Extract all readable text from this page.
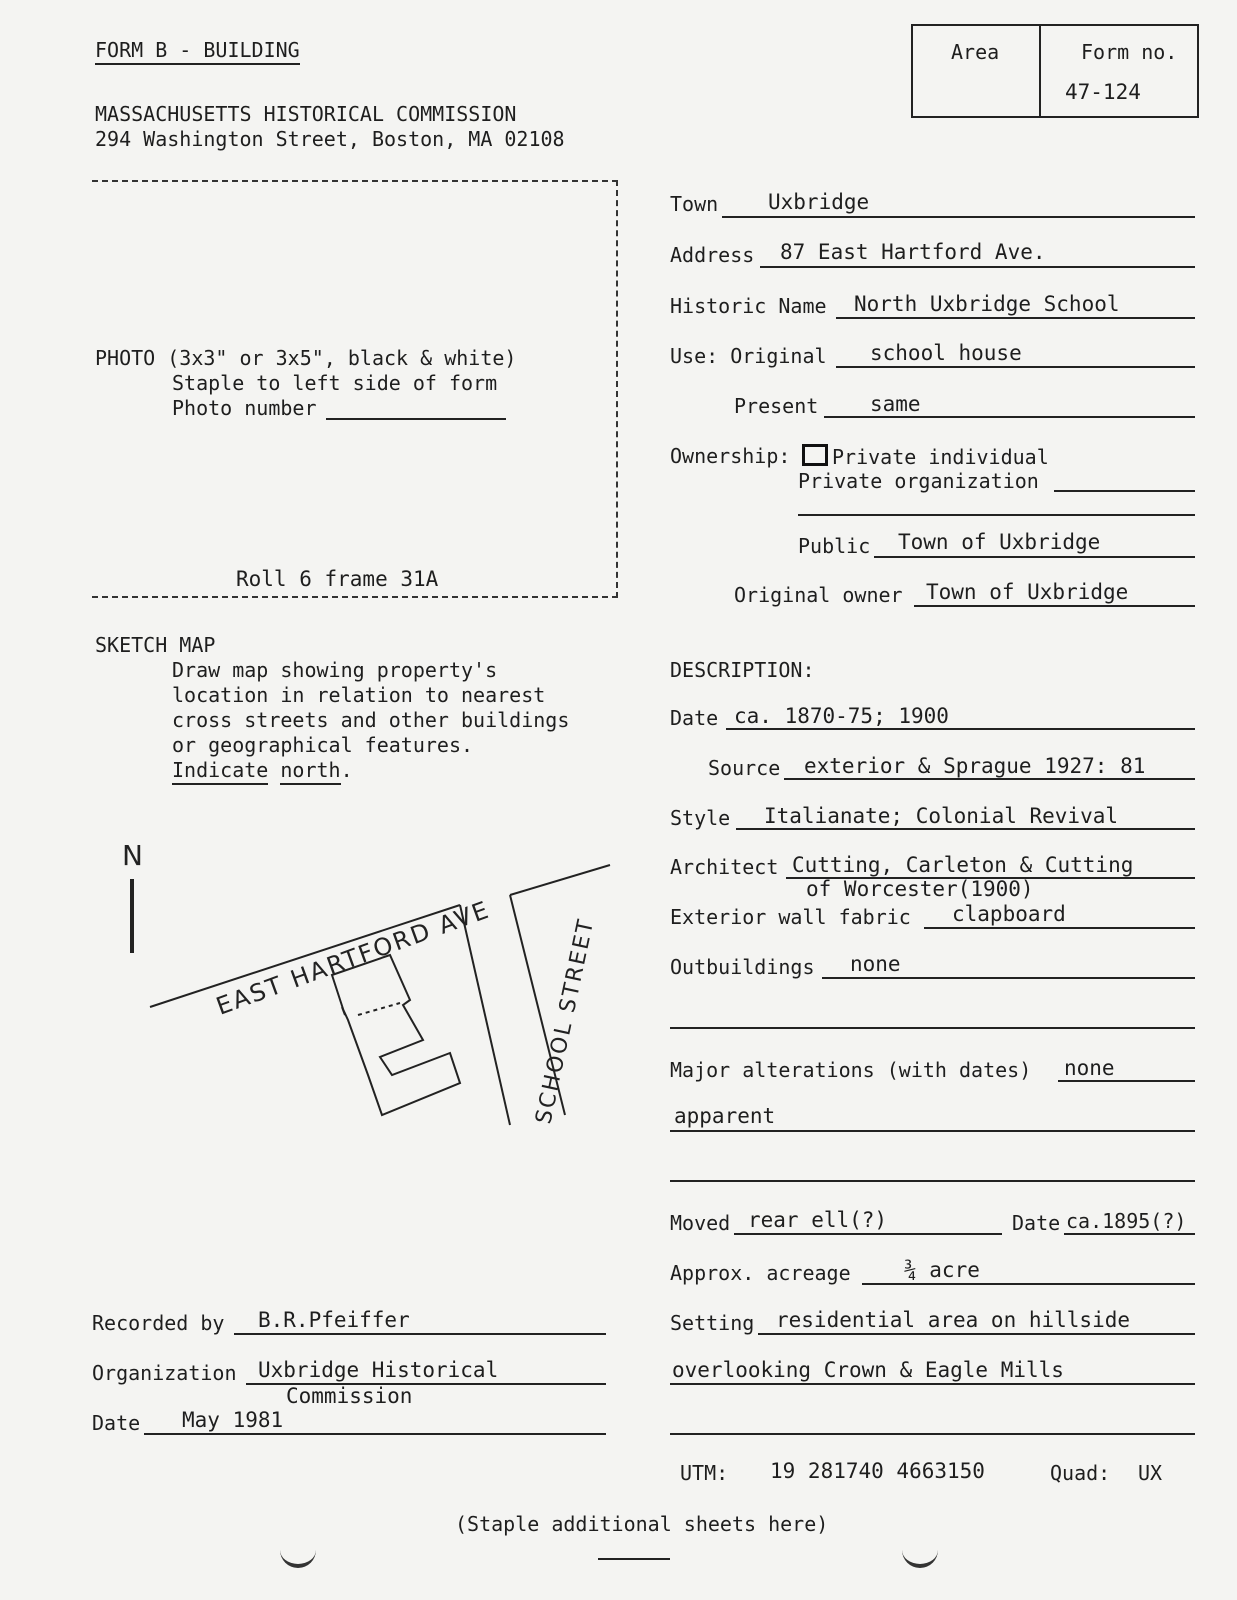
FORM B - BUILDING
MASSACHUSETTS HISTORICAL COMMISSION
294 Washington Street, Boston, MA 02108
Area	Form no.
47-124
PHOTO (3x3" or 3x5", black & white)
Staple to left side of form
Photo number
Roll 6 frame 31A
SKETCH MAP
Draw map showing property's
location in relation to nearest
cross streets and other buildings
or geographical features.
Indicate north.
N
EAST HARTFORD AVE SCHOOL STREET
Town Uxbridge
Address 87 East Hartford Ave.
Historic Name North Uxbridge School
Use: Original school house
Present same
Ownership:	Private individual
Private organization
Public Town of Uxbridge
Original owner Town of Uxbridge
DESCRIPTION:
Date ca. 1870-75; 1900
Source exterior & Sprague 1927: 81
Style Italianate; Colonial Revival
Architect Cutting, Carleton & Cutting
of Worcester(1900)
Exterior wall fabric clapboard
Outbuildings none
Major alterations (with dates) none
apparent
Moved rear ell(?)	Date ca.1895(?)
Approx. acreage	¾ acre
Setting residential area on hillside
overlooking Crown & Eagle Mills
UTM: 19 281740 4663150	Quad: UX
Recorded by B.R.Pfeiffer
Organization Uxbridge Historical
Commission
Date May 1981
(Staple additional sheets here)
